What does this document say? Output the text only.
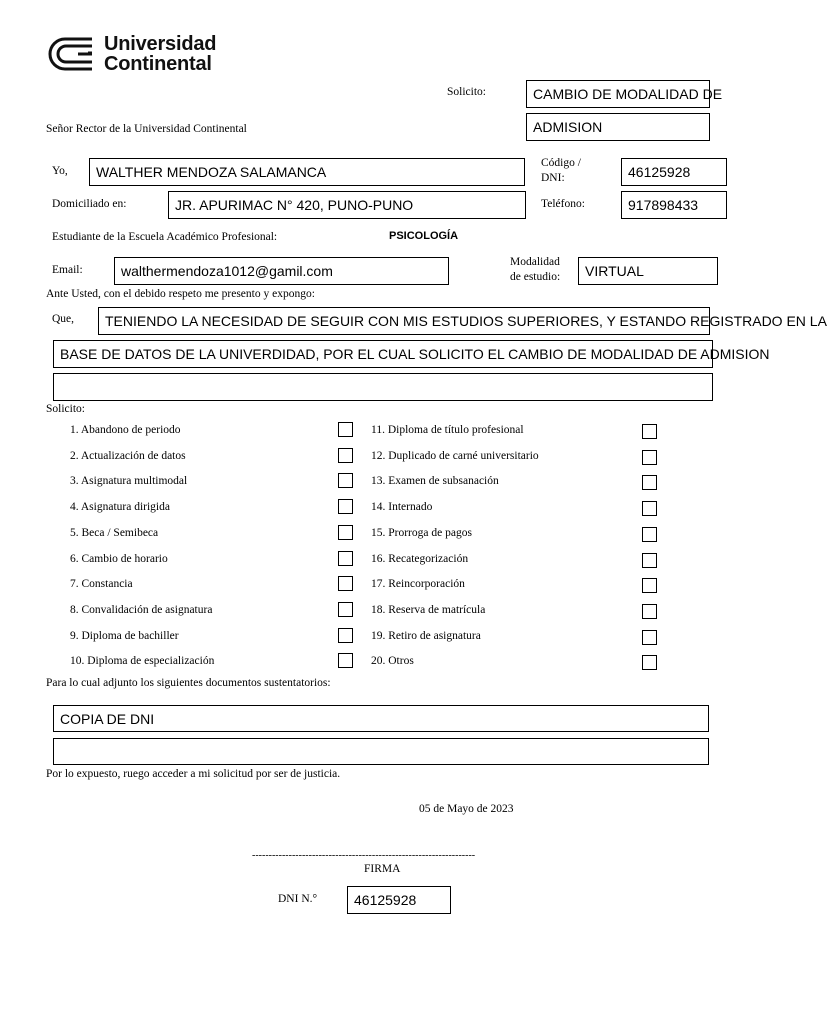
Universidad
Continental
Solicito:	CAMBIO DE MODALIDAD DE
ADMISION
Señor Rector de la Universidad Continental
Yo,	WALTHER MENDOZA SALAMANCA
Código /
DNI:	46125928
Domiciliado en:	JR. APURIMAC N° 420, PUNO-PUNO	Teléfono:	917898433
Estudiante de la Escuela Académico Profesional:	PSICOLOGÍA
Email:	walthermendoza1012@gamil.com
Modalidad
de estudio:	VIRTUAL
Ante Usted, con el debido respeto me presento y expongo:
Que,	TENIENDO LA NECESIDAD DE SEGUIR CON MIS ESTUDIOS SUPERIORES, Y ESTANDO REGISTRADO EN LA
BASE DE DATOS DE LA UNIVERDIDAD, POR EL CUAL SOLICITO EL CAMBIO DE MODALIDAD DE ADMISION
Solicito:
1. Abandono de periodo
2. Actualización de datos
3. Asignatura multimodal
4. Asignatura dirigida
5. Beca / Semibeca
6. Cambio de horario
7. Constancia
8. Convalidación de asignatura
9. Diploma de bachiller
10. Diploma de especialización
11. Diploma de título profesional
12. Duplicado de carné universitario
13. Examen de subsanación
14. Internado
15. Prorroga de pagos
16. Recategorización
17. Reincorporación
18. Reserva de matrícula
19. Retiro de asignatura
20. Otros
Para lo cual adjunto los siguientes documentos sustentatorios:
COPIA DE DNI
Por lo expuesto, ruego acceder a mi solicitud por ser de justicia.
05 de Mayo de 2023
-------------------------------------------------------------------
FIRMA
DNI N.°	46125928
